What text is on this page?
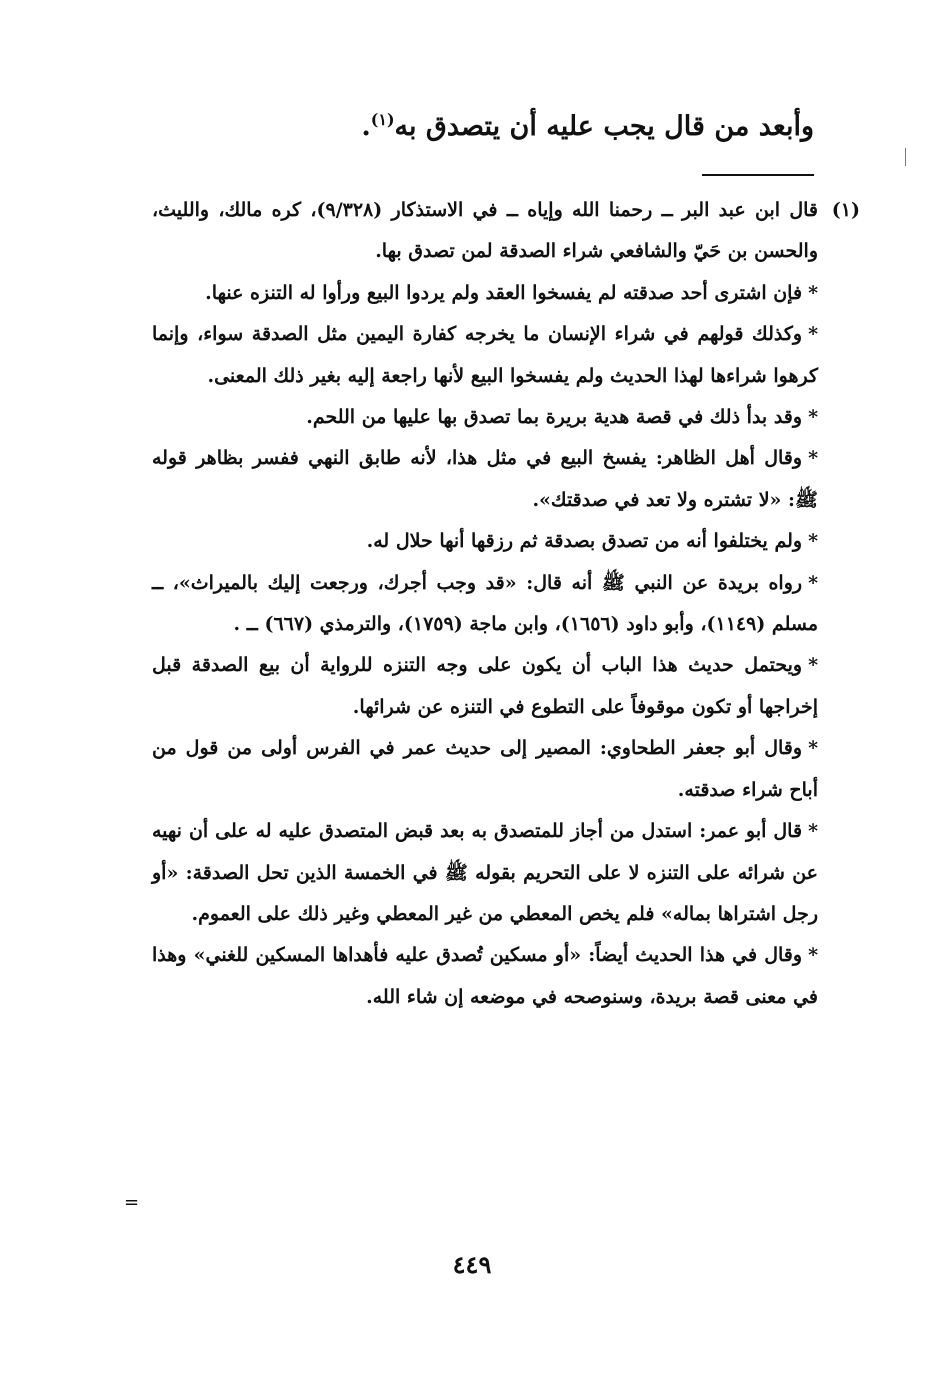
وأبعد من قال يجب عليه أن يتصدق به$^{(١)}$.
(١)

قال ابن عبد البر ــ رحمنا الله وإياه ــ في الاستذكار (٩/٣٢٨)، كره مالك، والليث، والحسن بن حَيّ والشافعي شراء الصدقة لمن تصدق بها.

*فإن اشترى أحد صدقته لم يفسخوا العقد ولم يردوا البيع ورأوا له التنزه عنها.

*وكذلك قولهم في شراء الإنسان ما يخرجه كفارة اليمين مثل الصدقة سواء، وإنما كرهوا شراءها لهذا الحديث ولم يفسخوا البيع لأنها راجعة إليه بغير ذلك المعنى.

*وقد بدأ ذلك في قصة هدية بريرة بما تصدق بها عليها من اللحم.

*وقال أهل الظاهر: يفسخ البيع في مثل هذا، لأنه طابق النهي ففسر بظاهر قوله ﷺ: «لا تشتره ولا تعد في صدقتك».

*ولم يختلفوا أنه من تصدق بصدقة ثم رزقها أنها حلال له.

*رواه بريدة عن النبي ﷺ أنه قال: «قد وجب أجرك، ورجعت إليك بالميراث»، ــ مسلم (١١٤٩)، وأبو داود (١٦٥٦)، وابن ماجة (١٧٥٩)، والترمذي (٦٦٧) ــ .

*ويحتمل حديث هذا الباب أن يكون على وجه التنزه للرواية أن بيع الصدقة قبل إخراجها أو تكون موقوفاً على التطوع في التنزه عن شرائها.

*وقال أبو جعفر الطحاوي: المصير إلى حديث عمر في الفرس أولى من قول من أباح شراء صدقته.

*قال أبو عمر: استدل من أجاز للمتصدق به بعد قبض المتصدق عليه له على أن نهيه عن شرائه على التنزه لا على التحريم بقوله ﷺ في الخمسة الذين تحل الصدقة: «أو رجل اشتراها بماله» فلم يخص المعطي من غير المعطي وغير ذلك على العموم.

*وقال في هذا الحديث أيضاً: «أو مسكين تُصدق عليه فأهداها المسكين للغني» وهذا في معنى قصة بريدة، وسنوصحه في موضعه إن شاء الله.

=
٤٤٩
